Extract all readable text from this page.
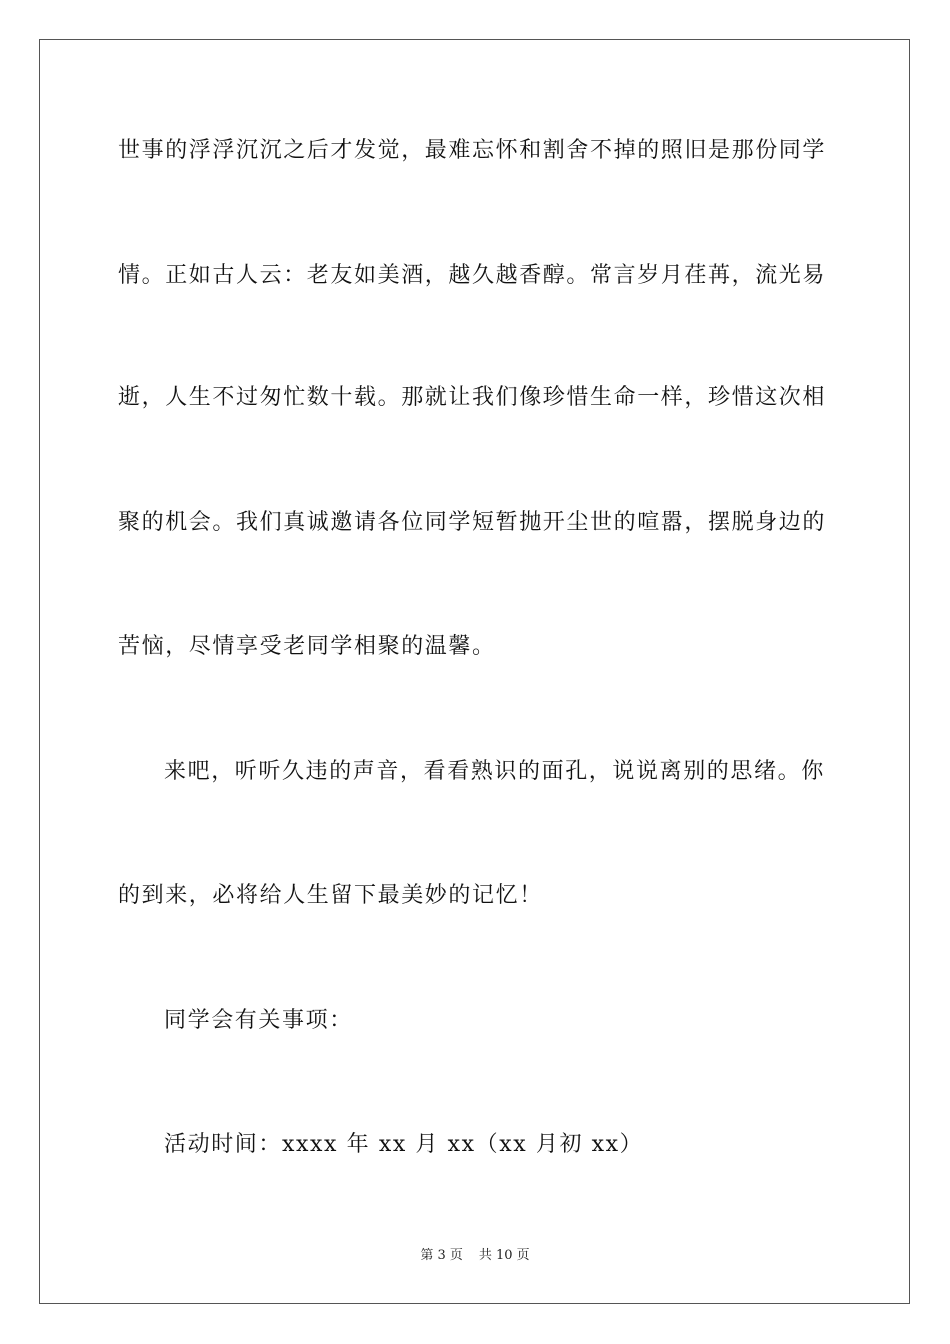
世事的浮浮沉沉之后才发觉，最难忘怀和割舍不掉的照旧是那份同学
情。正如古人云：老友如美酒，越久越香醇。常言岁月荏苒，流光易
逝，人生不过匆忙数十载。那就让我们像珍惜生命一样，珍惜这次相
聚的机会。我们真诚邀请各位同学短暂抛开尘世的喧嚣，摆脱身边的
苦恼，尽情享受老同学相聚的温馨。
来吧，听听久违的声音，看看熟识的面孔，说说离别的思绪。你
的到来，必将给人生留下最美妙的记忆！
同学会有关事项：
活动时间：xxxx 年 xx 月 xx（xx 月初 xx）
第 3 页 共 10 页
